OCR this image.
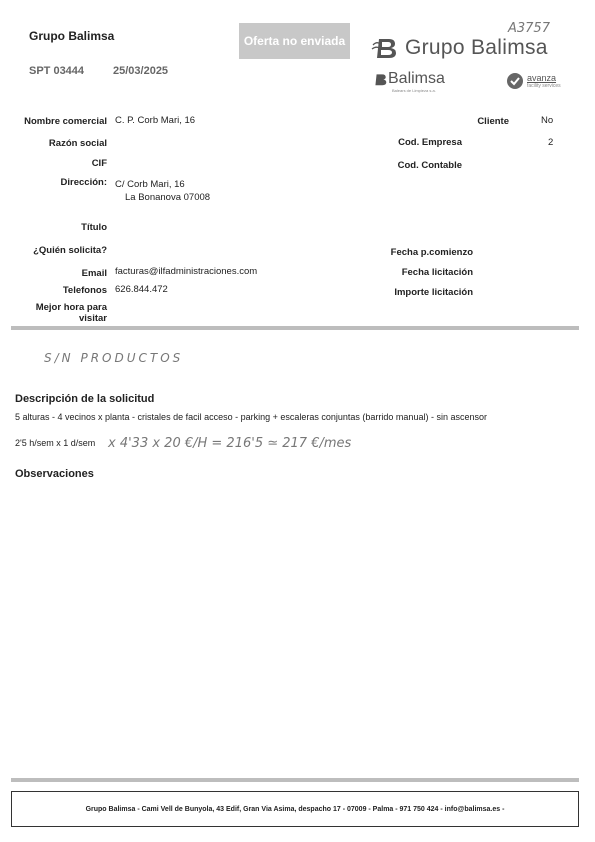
Grupo Balimsa
SPT 03444	25/03/2025
Oferta no enviada
A3757
Grupo Balimsa
Balimsa
Balears de Limpieza s.a.
avanza
facility services
Nombre comercial C. P. Corb Mari, 16
Razón social
CIF
Dirección: C/ Corb Mari, 16
La Bonanova 07008
Título
¿Quién solicita?
Email facturas@ilfadministraciones.com
Telefonos 626.844.472
Mejor hora para
visitar
Cliente	No
Cod. Empresa	2
Cod. Contable
Fecha p.comienzo
Fecha licitación
Importe licitación
S/N PRODUCTOS
Descripción de la solicitud
5 alturas - 4 vecinos x planta - cristales de facil acceso - parking + escaleras conjuntas (barrido manual) - sin ascensor
2'5 h/sem x 1 d/sem x 4'33 x 20 €/H = 216'5 ≃ 217 €/mes
Observaciones
Grupo Balimsa - Cami Vell de Bunyola, 43 Edif, Gran Via Asima, despacho 17 - 07009 - Palma - 971 750 424 - info@balimsa.es -
